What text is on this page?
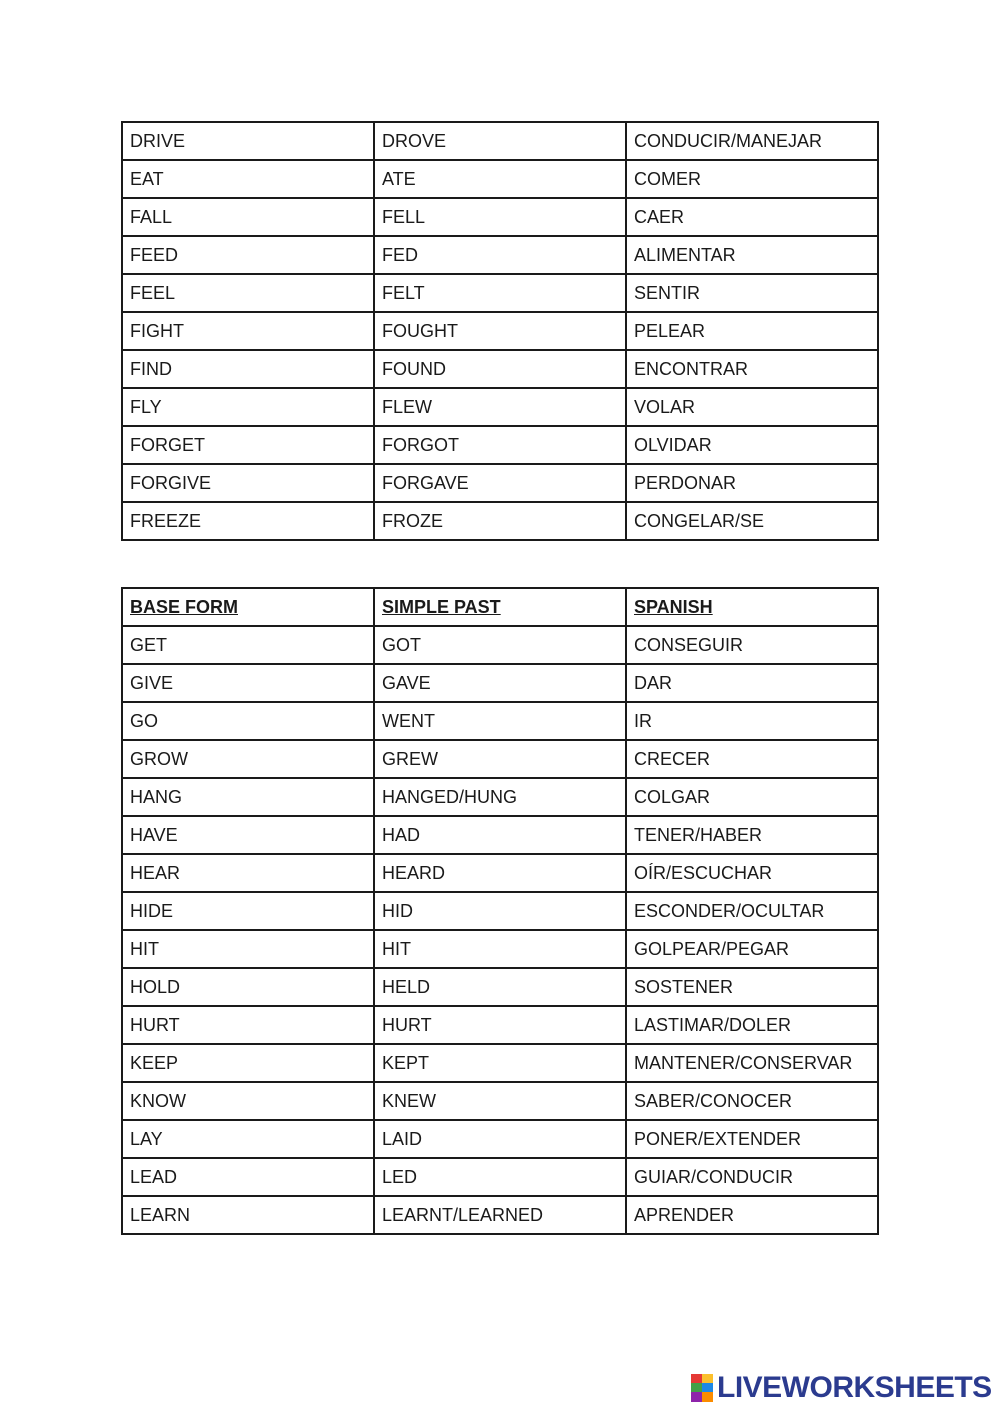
DRIVE	DROVE	CONDUCIR/MANEJAR
EAT	ATE	COMER
FALL	FELL	CAER
FEED	FED	ALIMENTAR
FEEL	FELT	SENTIR
FIGHT	FOUGHT	PELEAR
FIND	FOUND	ENCONTRAR
FLY	FLEW	VOLAR
FORGET	FORGOT	OLVIDAR
FORGIVE	FORGAVE	PERDONAR
FREEZE	FROZE	CONGELAR/SE
BASE FORM	SIMPLE PAST	SPANISH
GET	GOT	CONSEGUIR
GIVE	GAVE	DAR
GO	WENT	IR
GROW	GREW	CRECER
HANG	HANGED/HUNG	COLGAR
HAVE	HAD	TENER/HABER
HEAR	HEARD	OÍR/ESCUCHAR
HIDE	HID	ESCONDER/OCULTAR
HIT	HIT	GOLPEAR/PEGAR
HOLD	HELD	SOSTENER
HURT	HURT	LASTIMAR/DOLER
KEEP	KEPT	MANTENER/CONSERVAR
KNOW	KNEW	SABER/CONOCER
LAY	LAID	PONER/EXTENDER
LEAD	LED	GUIAR/CONDUCIR
LEARN	LEARNT/LEARNED	APRENDER
LIVEWORKSHEETS
